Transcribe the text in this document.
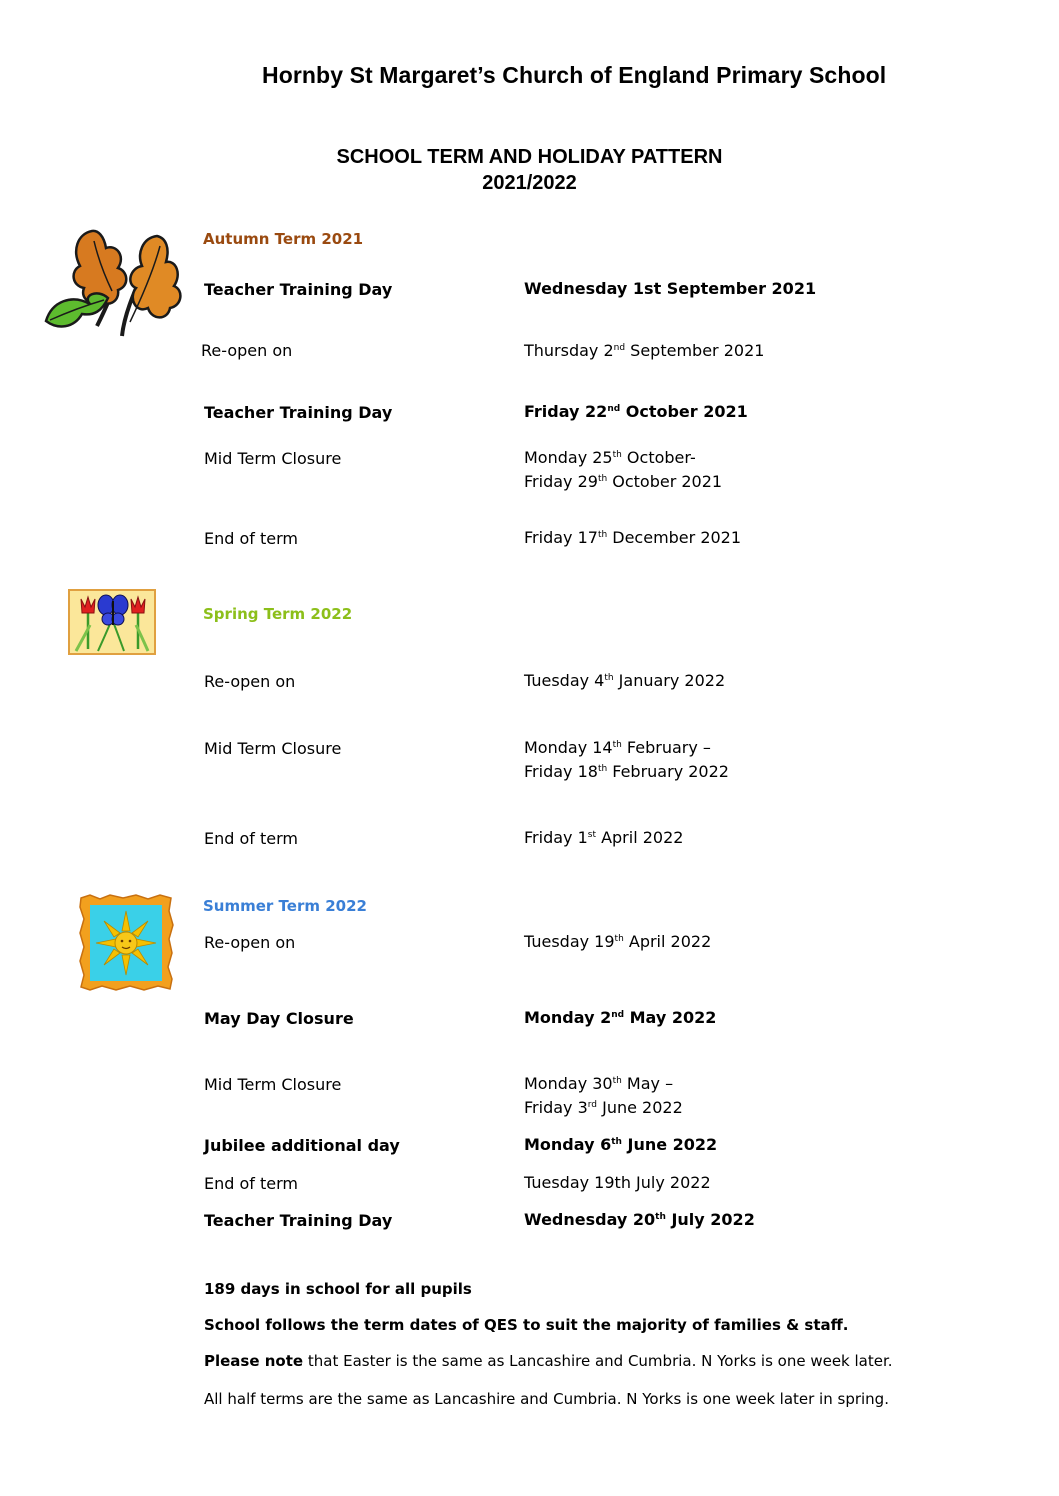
Hornby St Margaret’s Church of England Primary School
SCHOOL TERM AND HOLIDAY PATTERN
2021/2022
Autumn Term 2021
Teacher Training Day	Wednesday 1st September 2021
Re-open on	Thursday 2nd September 2021
Teacher Training Day	Friday 22nd October 2021
Mid Term Closure	Monday 25th October-
Friday 29th October 2021
End of term	Friday 17th December 2021
Spring Term 2022
Re-open on	Tuesday 4th January 2022
Mid Term Closure	Monday 14th February –
Friday 18th February 2022
End of term	Friday 1st April 2022
Summer Term 2022
Re-open on	Tuesday 19th April 2022
May Day Closure	Monday 2nd May 2022
Mid Term Closure	Monday 30th May –
Friday 3rd June 2022
Jubilee additional day	Monday 6th June 2022
End of term	Tuesday 19th July 2022
Teacher Training Day	Wednesday 20th July 2022
189 days in school for all pupils
School follows the term dates of QES to suit the majority of families & staff.
Please note that Easter is the same as Lancashire and Cumbria. N Yorks is one week later.
All half terms are the same as Lancashire and Cumbria. N Yorks is one week later in spring.
